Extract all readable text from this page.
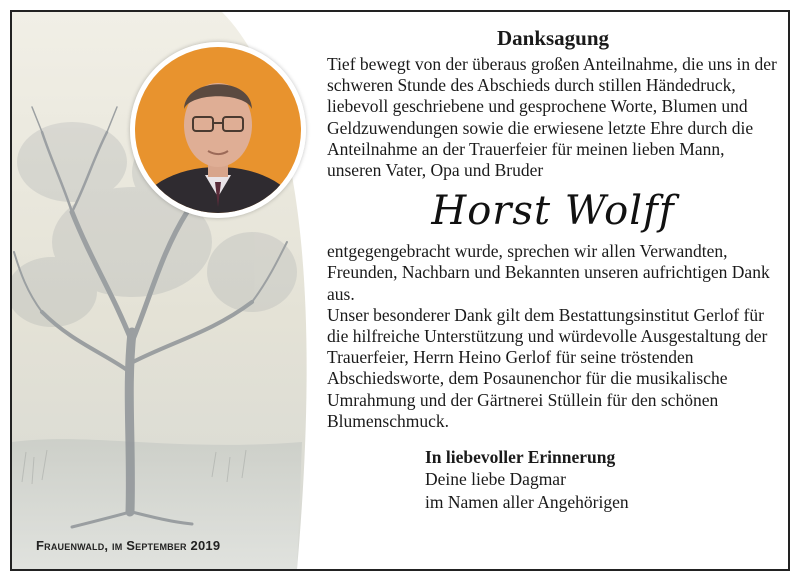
Frauenwald, im September 2019
Danksagung

Tief bewegt von der überaus großen Anteilnahme, die uns in der schweren Stunde des Abschieds durch stillen Händedruck, liebevoll geschriebene und gesprochene Worte, Blumen und Geldzuwendungen sowie die erwiesene letzte Ehre durch die Anteilnahme an der Trauerfeier für meinen lieben Mann, unseren Vater, Opa und Bruder

Horst Wolff

entgegengebracht wurde, sprechen wir allen Verwandten, Freunden, Nachbarn und Bekannten unseren aufrichtigen Dank aus.

Unser besonderer Dank gilt dem Bestattungsinstitut Gerlof für die hilfreiche Unterstützung und würdevolle Ausgestaltung der Trauerfeier, Herrn Heino Gerlof für seine tröstenden Abschiedsworte, dem Posaunenchor für die musikalische Umrahmung und der Gärtnerei Stüllein für den schönen Blumenschmuck.

In liebevoller Erinnerung
Deine liebe Dagmar
im Namen aller Angehörigen
